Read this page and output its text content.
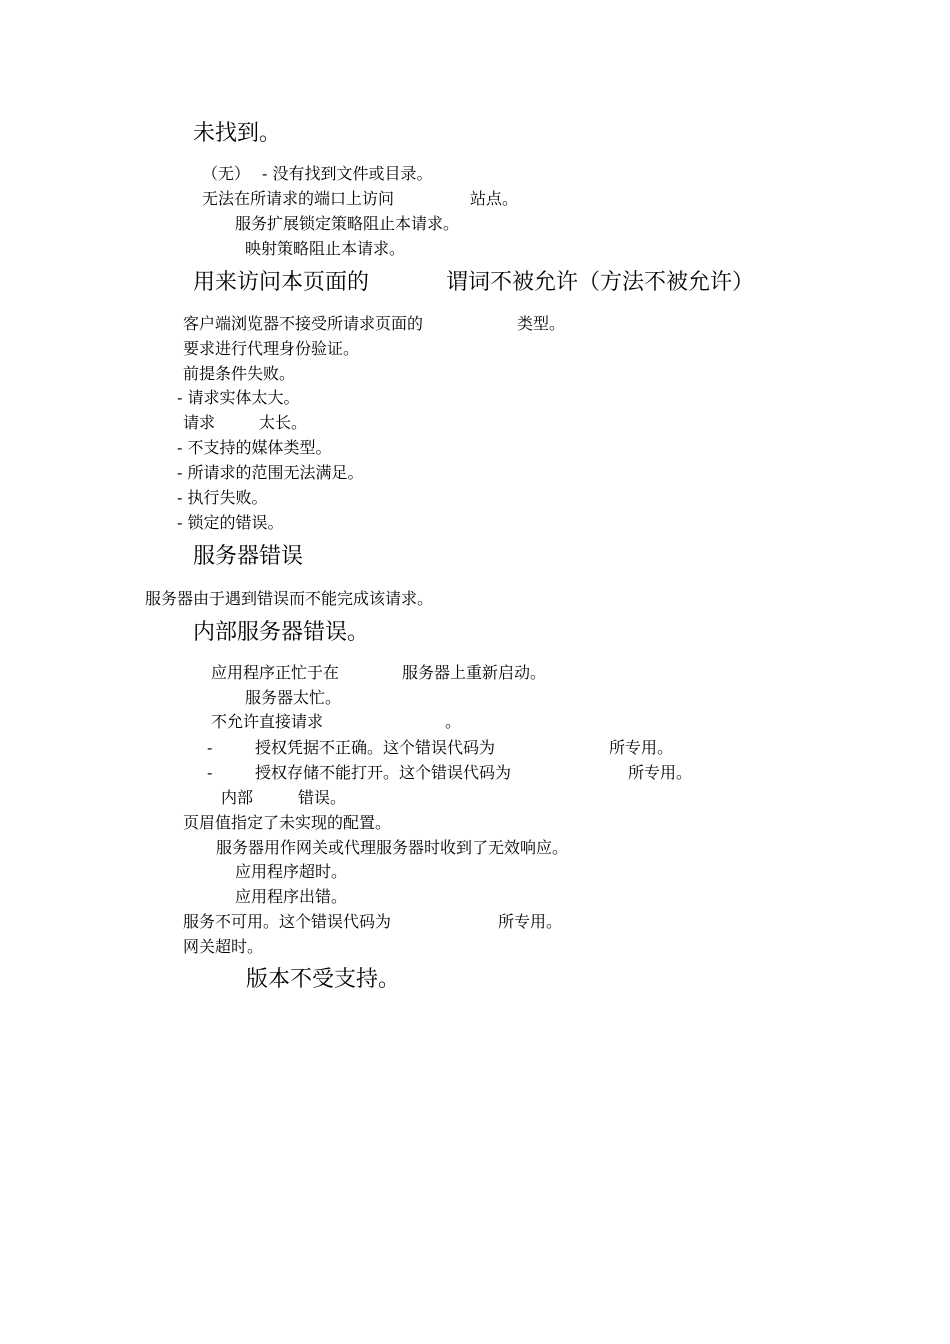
未找到。
（无） - 没有找到文件或目录。
无法在所请求的端口上访问	站点。
服务扩展锁定策略阻止本请求。
映射策略阻止本请求。
用来访问本页面的	谓词不被允许（方法不被允许）
客户端浏览器不接受所请求页面的	类型。
要求进行代理身份验证。
前提条件失败。
- 请求实体太大。
请求	太长。
- 不支持的媒体类型。
- 所请求的范围无法满足。
- 执行失败。
- 锁定的错误。
服务器错误
服务器由于遇到错误而不能完成该请求。
内部服务器错误。
应用程序正忙于在	服务器上重新启动。
服务器太忙。
不允许直接请求	。
-	授权凭据不正确。这个错误代码为	所专用。
-	授权存储不能打开。这个错误代码为	所专用。
内部	错误。
页眉值指定了未实现的配置。
服务器用作网关或代理服务器时收到了无效响应。
应用程序超时。
应用程序出错。
服务不可用。这个错误代码为	所专用。
网关超时。
版本不受支持。
